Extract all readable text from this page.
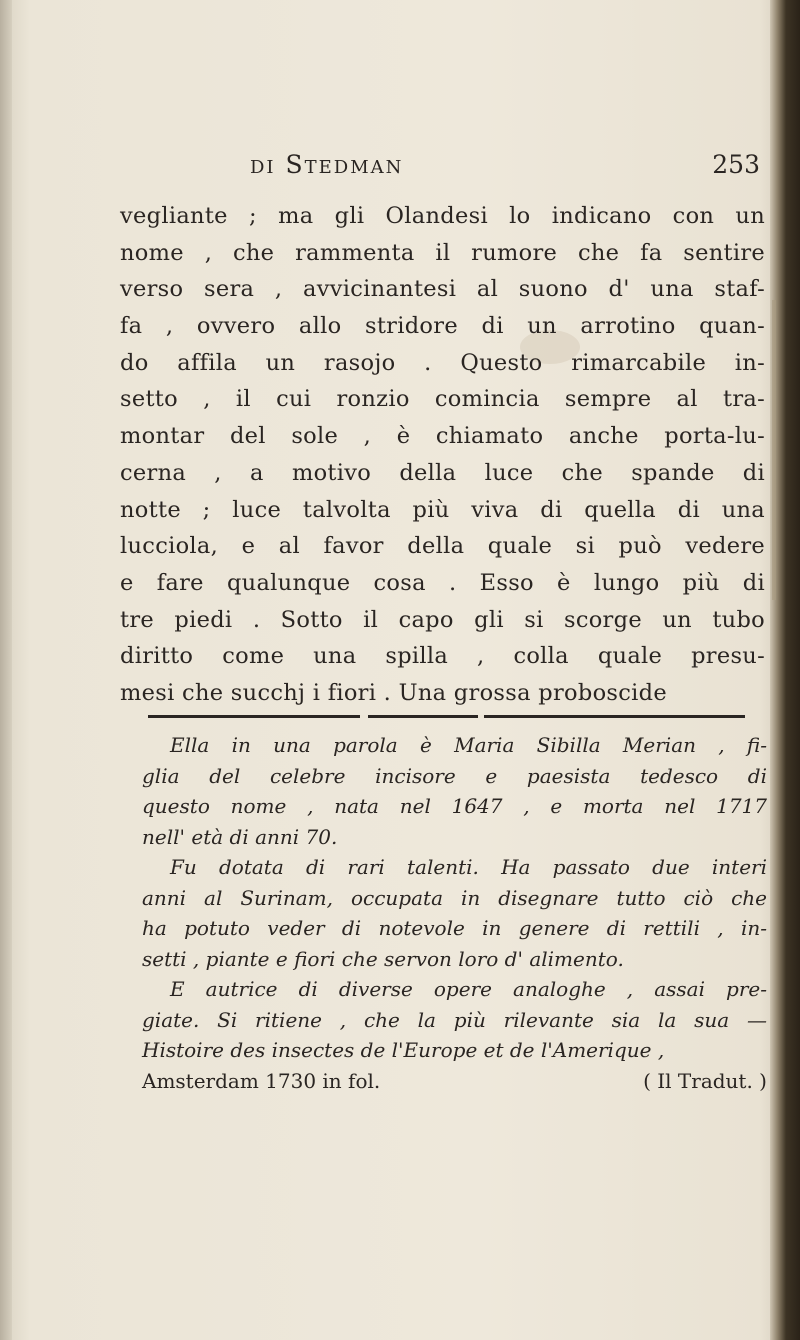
di Stedman	253
vegliante ; ma gli Olandesi lo indicano con un
nome , che rammenta il rumore che fa sentire
verso sera , avvicinantesi al suono d' una staf-
fa , ovvero allo stridore di un arrotino quan-
do affila un rasojo . Questo rimarcabile in-
setto , il cui ronzio comincia sempre al tra-
montar del sole , è chiamato anche porta-lu-
cerna , a motivo della luce che spande di
notte ; luce talvolta più viva di quella di una
lucciola, e al favor della quale si può vedere
e fare qualunque cosa . Esso è lungo più di
tre piedi . Sotto il capo gli si scorge un tubo
diritto come una spilla , colla quale presu-
mesi che succhj i fiori . Una grossa proboscide
Ella in una parola è Maria Sibilla Merian , fi-
glia del celebre incisore e paesista tedesco di
questo nome , nata nel 1647 , e morta nel 1717
nell' età di anni 70.
Fu dotata di rari talenti. Ha passato due interi
anni al Surinam, occupata in disegnare tutto ciò che
ha potuto veder di notevole in genere di rettili , in-
setti , piante e fiori che servon loro d' alimento.
E autrice di diverse opere analoghe , assai pre-
giate. Si ritiene , che la più rilevante sia la sua —
Histoire des insectes de l'Europe et de l'Amerique ,
Amsterdam 1730 in fol.	( Il Tradut. )
